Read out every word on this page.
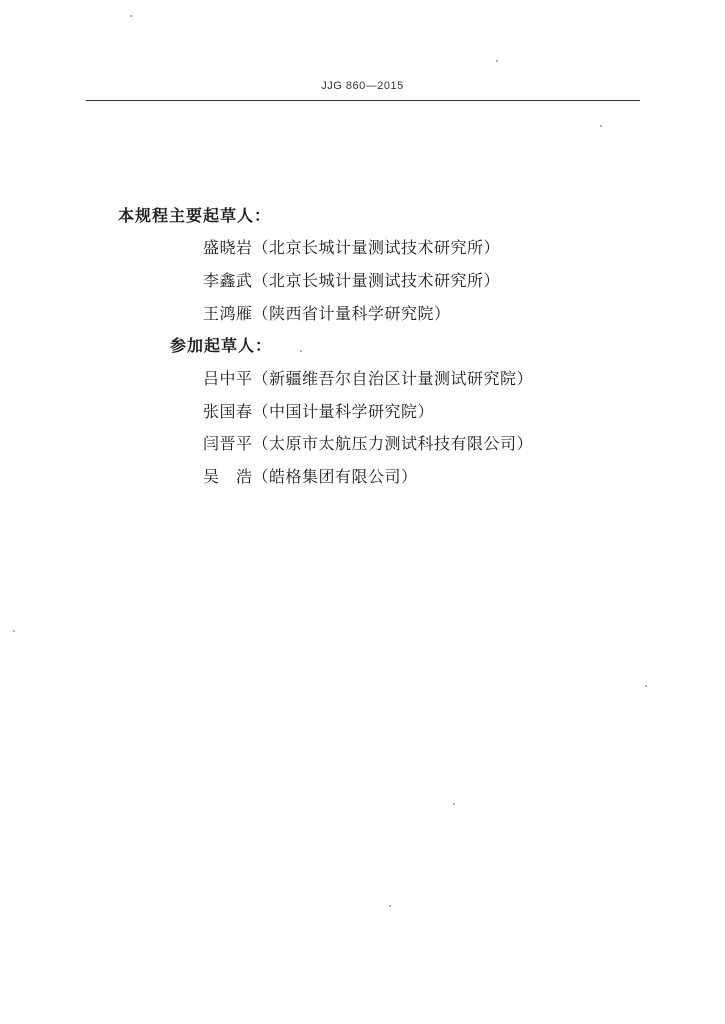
JJG 860—2015
本规程主要起草人：
盛晓岩（北京长城计量测试技术研究所）
李鑫武（北京长城计量测试技术研究所）
王鸿雁（陕西省计量科学研究院）
参加起草人：
吕中平（新疆维吾尔自治区计量测试研究院）
张国春（中国计量科学研究院）
闫晋平（太原市太航压力测试科技有限公司）
吴　浩（皓格集团有限公司）
